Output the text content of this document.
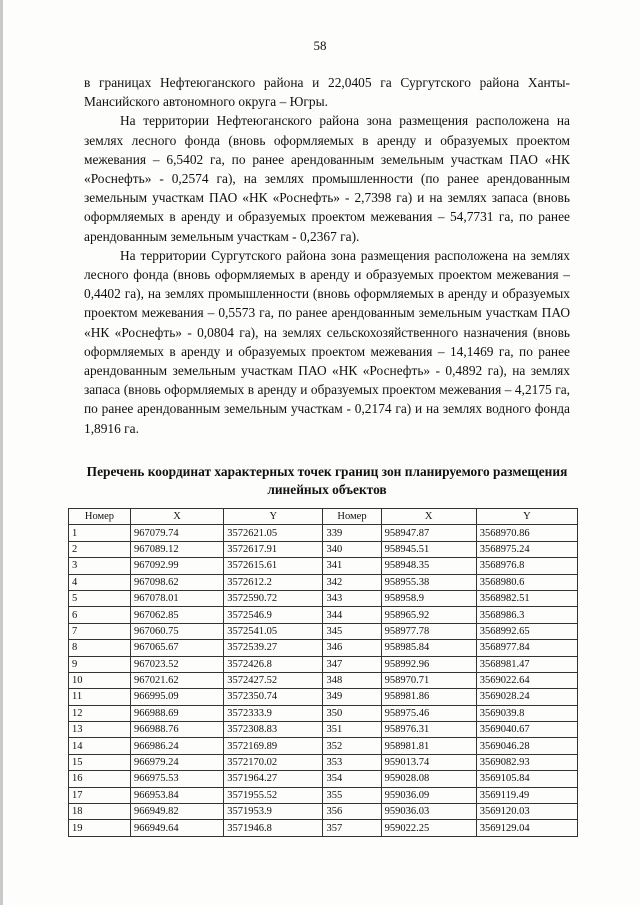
58

в границах Нефтеюганского района и 22,0405 га Сургутского района Ханты-Мансийского автономного округа – Югры.

На территории Нефтеюганского района зона размещения расположена на землях лесного фонда (вновь оформляемых в аренду и образуемых проектом межевания – 6,5402 га, по ранее арендованным земельным участкам ПАО «НК «Роснефть» - 0,2574 га), на землях промышленности (по ранее арендованным земельным участкам ПАО «НК «Роснефть» - 2,7398 га) и на землях запаса (вновь оформляемых в аренду и образуемых проектом межевания – 54,7731 га, по ранее арендованным земельным участкам - 0,2367 га).

На территории Сургутского района зона размещения расположена на землях лесного фонда (вновь оформляемых в аренду и образуемых проектом межевания – 0,4402 га), на землях промышленности (вновь оформляемых в аренду и образуемых проектом межевания – 0,5573 га, по ранее арендованным земельным участкам ПАО «НК «Роснефть» - 0,0804 га), на землях сельскохозяйственного назначения (вновь оформляемых в аренду и образуемых проектом межевания – 14,1469 га, по ранее арендованным земельным участкам ПАО «НК «Роснефть» - 0,4892 га), на землях запаса (вновь оформляемых в аренду и образуемых проектом межевания – 4,2175 га, по ранее арендованным земельным участкам - 0,2174 га) и на землях водного фонда 1,8916 га.

Перечень координат характерных точек границ зон планируемого размещения линейных объектов
Номер	X	Y	Номер	X	Y
1	967079.74	3572621.05	339	958947.87	3568970.86
2	967089.12	3572617.91	340	958945.51	3568975.24
3	967092.99	3572615.61	341	958948.35	3568976.8
4	967098.62	3572612.2	342	958955.38	3568980.6
5	967078.01	3572590.72	343	958958.9	3568982.51
6	967062.85	3572546.9	344	958965.92	3568986.3
7	967060.75	3572541.05	345	958977.78	3568992.65
8	967065.67	3572539.27	346	958985.84	3568977.84
9	967023.52	3572426.8	347	958992.96	3568981.47
10	967021.62	3572427.52	348	958970.71	3569022.64
11	966995.09	3572350.74	349	958981.86	3569028.24
12	966988.69	3572333.9	350	958975.46	3569039.8
13	966988.76	3572308.83	351	958976.31	3569040.67
14	966986.24	3572169.89	352	958981.81	3569046.28
15	966979.24	3572170.02	353	959013.74	3569082.93
16	966975.53	3571964.27	354	959028.08	3569105.84
17	966953.84	3571955.52	355	959036.09	3569119.49
18	966949.82	3571953.9	356	959036.03	3569120.03
19	966949.64	3571946.8	357	959022.25	3569129.04
